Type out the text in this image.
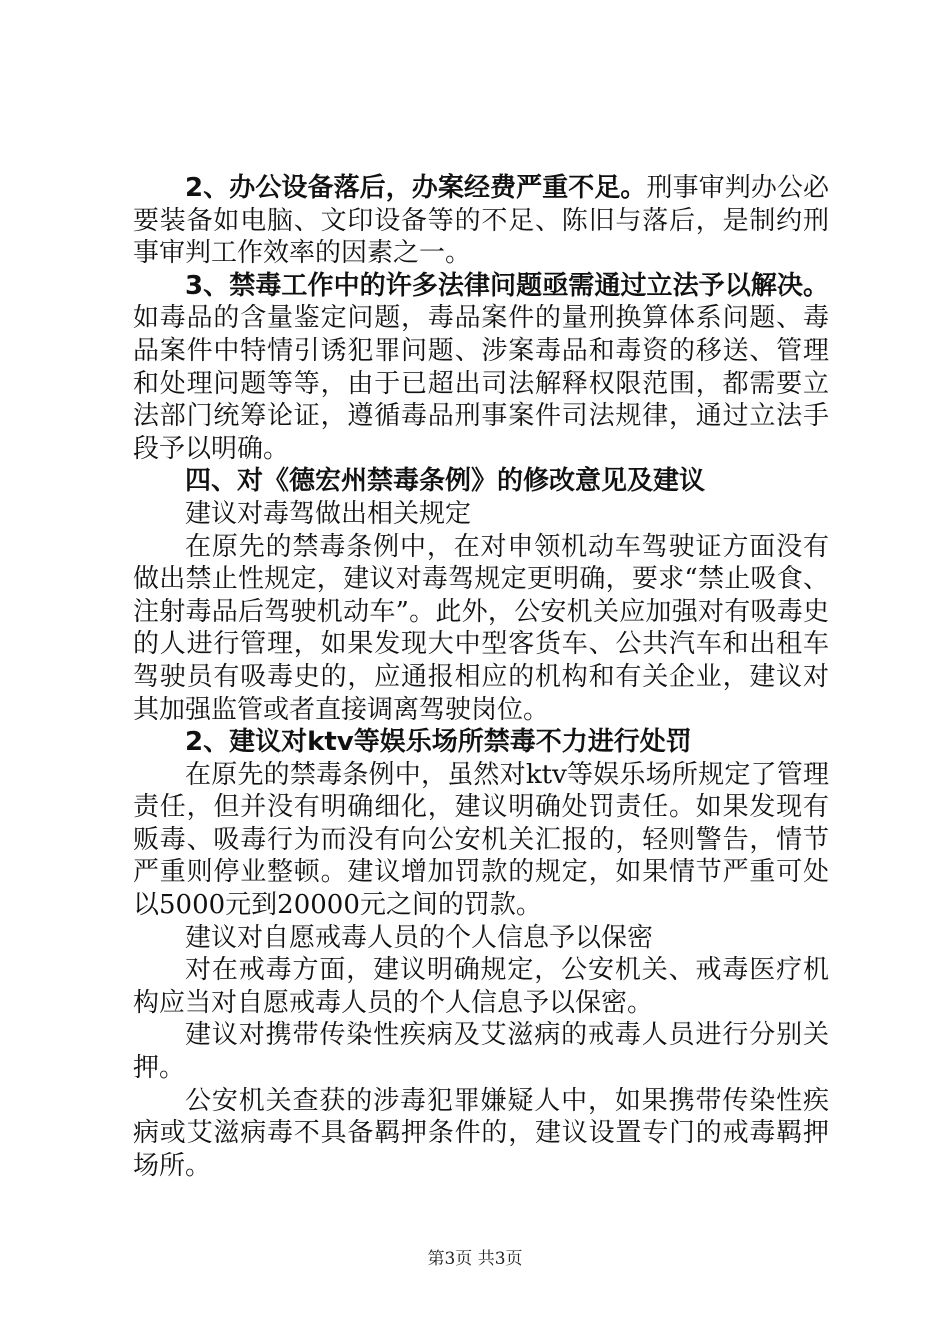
2、办公设备落后，办案经费严重不足。刑事审判办公必要装备如电脑、文印设备等的不足、陈旧与落后，是制约刑事审判工作效率的因素之一。

3、禁毒工作中的许多法律问题亟需通过立法予以解决。如毒品的含量鉴定问题，毒品案件的量刑换算体系问题、毒品案件中特情引诱犯罪问题、涉案毒品和毒资的移送、管理和处理问题等等，由于已超出司法解释权限范围，都需要立法部门统筹论证，遵循毒品刑事案件司法规律，通过立法手段予以明确。

四、对《德宏州禁毒条例》的修改意见及建议

建议对毒驾做出相关规定

在原先的禁毒条例中，在对申领机动车驾驶证方面没有做出禁止性规定，建议对毒驾规定更明确，要求“禁止吸食、注射毒品后驾驶机动车”。此外，公安机关应加强对有吸毒史的人进行管理，如果发现大中型客货车、公共汽车和出租车驾驶员有吸毒史的，应通报相应的机构和有关企业，建议对其加强监管或者直接调离驾驶岗位。

2、建议对ktv等娱乐场所禁毒不力进行处罚

在原先的禁毒条例中，虽然对ktv等娱乐场所规定了管理责任，但并没有明确细化，建议明确处罚责任。如果发现有贩毒、吸毒行为而没有向公安机关汇报的，轻则警告，情节严重则停业整顿。建议增加罚款的规定，如果情节严重可处以5000元到20000元之间的罚款。

建议对自愿戒毒人员的个人信息予以保密

对在戒毒方面，建议明确规定，公安机关、戒毒医疗机构应当对自愿戒毒人员的个人信息予以保密。

建议对携带传染性疾病及艾滋病的戒毒人员进行分别关押。

公安机关查获的涉毒犯罪嫌疑人中，如果携带传染性疾病或艾滋病毒不具备羁押条件的，建议设置专门的戒毒羁押场所。

第3页 共3页
